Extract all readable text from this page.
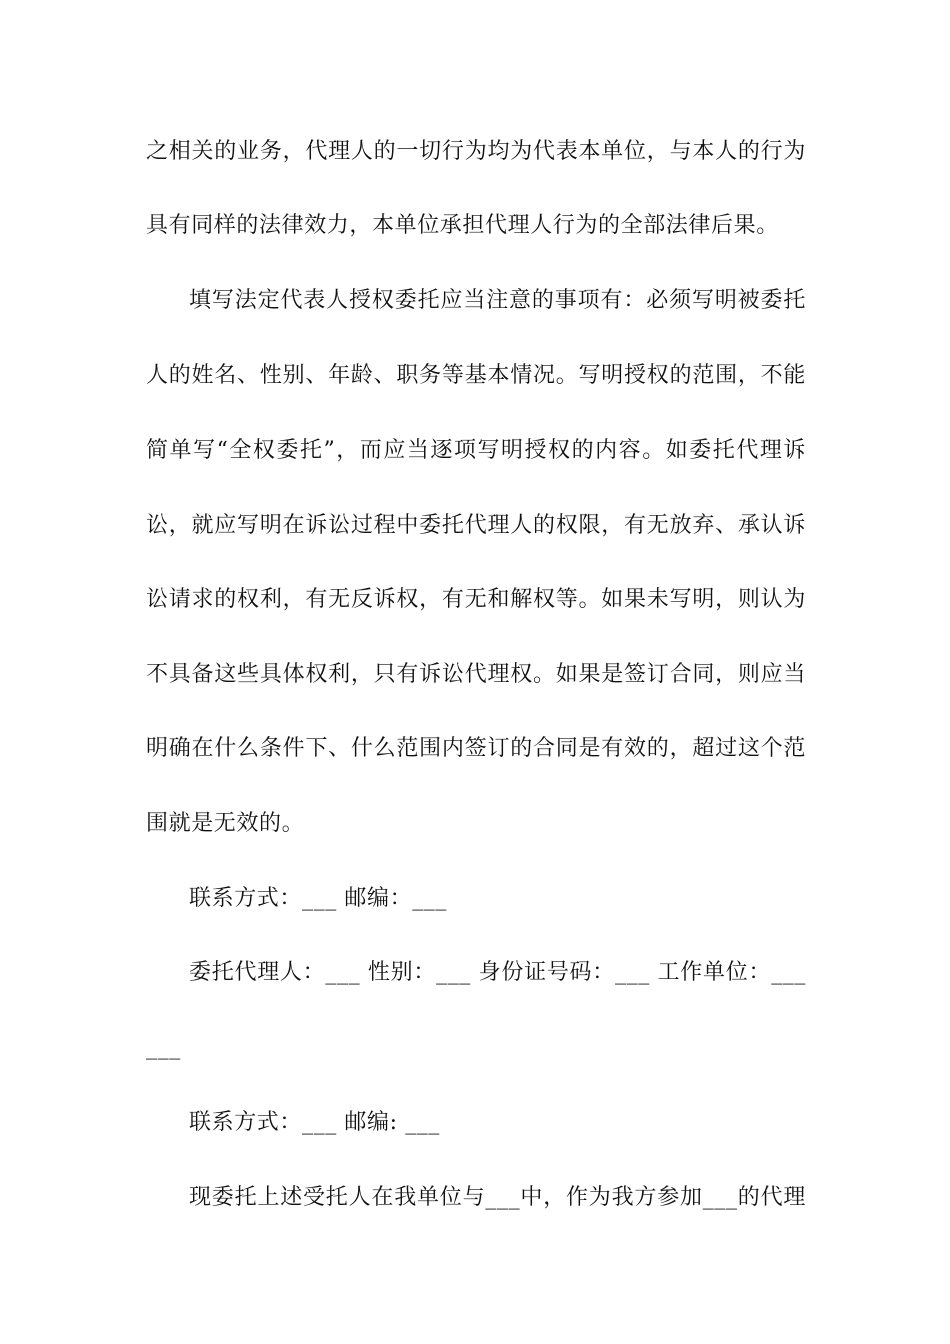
之相关的业务，代理人的一切行为均为代表本单位，与本人的行为
具有同样的法律效力，本单位承担代理人行为的全部法律后果。
填写法定代表人授权委托应当注意的事项有：必须写明被委托
人的姓名、性别、年龄、职务等基本情况。写明授权的范围，不能
简单写“全权委托”，而应当逐项写明授权的内容。如委托代理诉
讼，就应写明在诉讼过程中委托代理人的权限，有无放弃、承认诉
讼请求的权利，有无反诉权，有无和解权等。如果未写明，则认为
不具备这些具体权利，只有诉讼代理权。如果是签订合同，则应当
明确在什么条件下、什么范围内签订的合同是有效的，超过这个范
围就是无效的。
联系方式：___ 邮编：___
委托代理人：___ 性别：___ 身份证号码：___ 工作单位：___
___
联系方式：___ 邮编: ___
现委托上述受托人在我单位与___中，作为我方参加___的代理
